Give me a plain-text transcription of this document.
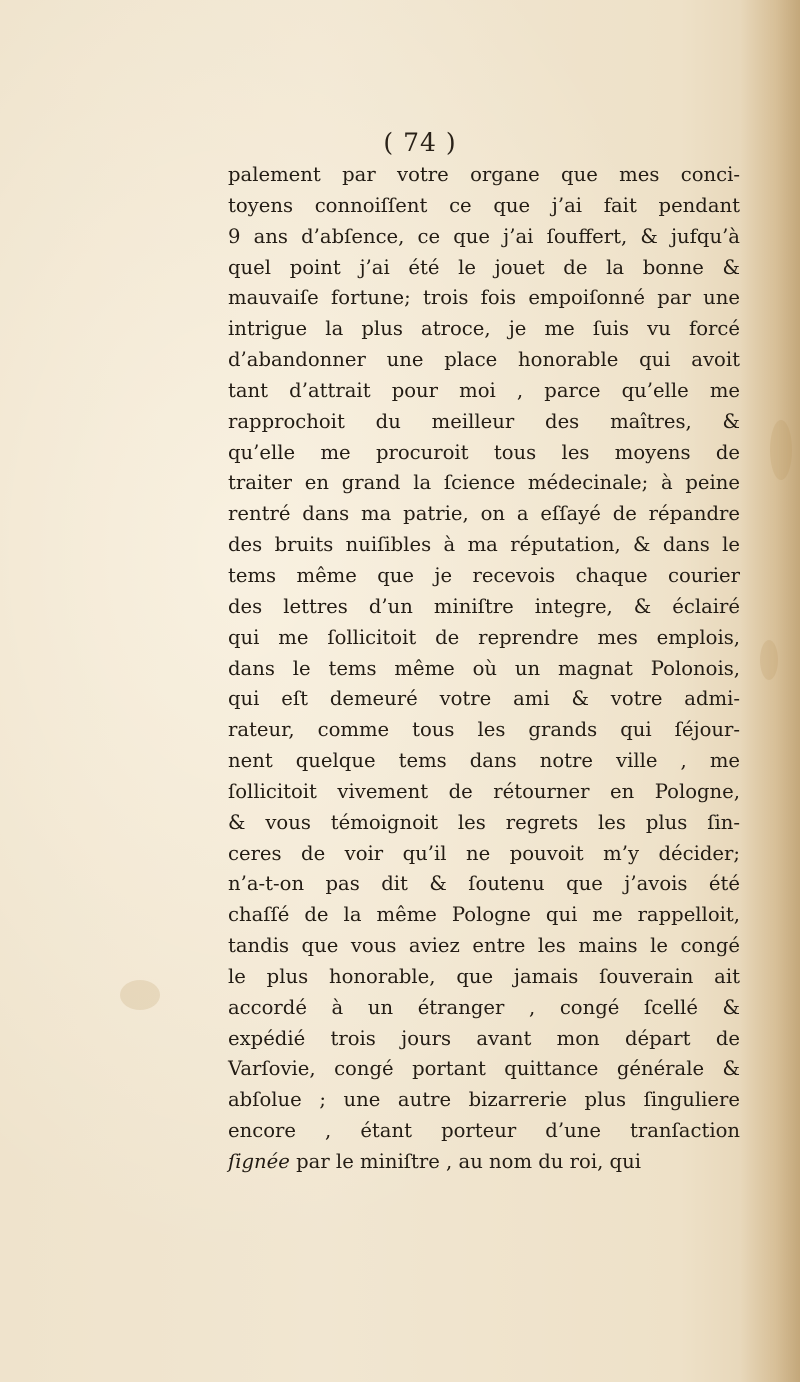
( 74 )
palement par votre organe que mes conci-
toyens connoiſſent ce que j’ai fait pendant
9 ans d’abſence, ce que j’ai ſouffert, & jufqu’à
quel point j’ai été le jouet de la bonne &
mauvaiſe fortune; trois fois empoiſonné par une
intrigue la plus atroce, je me ſuis vu forcé
d’abandonner une place honorable qui avoit
tant d’attrait pour moi , parce qu’elle me
rapprochoit du meilleur des maîtres, &
qu’elle me procuroit tous les moyens de
traiter en grand la ſcience médecinale; à peine
rentré dans ma patrie, on a eſſayé de répandre
des bruits nuiſibles à ma réputation, & dans le
tems même que je recevois chaque courier
des lettres d’un miniſtre integre, & éclairé
qui me ſollicitoit de reprendre mes emplois,
dans le tems même où un magnat Polonois,
qui eſt demeuré votre ami & votre admi-
rateur, comme tous les grands qui ſéjour-
nent quelque tems dans notre ville , me
ſollicitoit vivement de rétourner en Pologne,
& vous témoignoit les regrets les plus ſin-
ceres de voir qu’il ne pouvoit m’y décider;
n’a-t-on pas dit & ſoutenu que j’avois été
chaſſé de la même Pologne qui me rappelloit,
tandis que vous aviez entre les mains le congé
le plus honorable, que jamais ſouverain ait
accordé à un étranger , congé ſcellé &
expédié trois jours avant mon départ de
Varſovie, congé portant quittance générale &
abſolue ; une autre bizarrerie plus ſinguliere
encore , étant porteur d’une tranſaction
ſignée par le miniſtre , au nom du roi, qui
